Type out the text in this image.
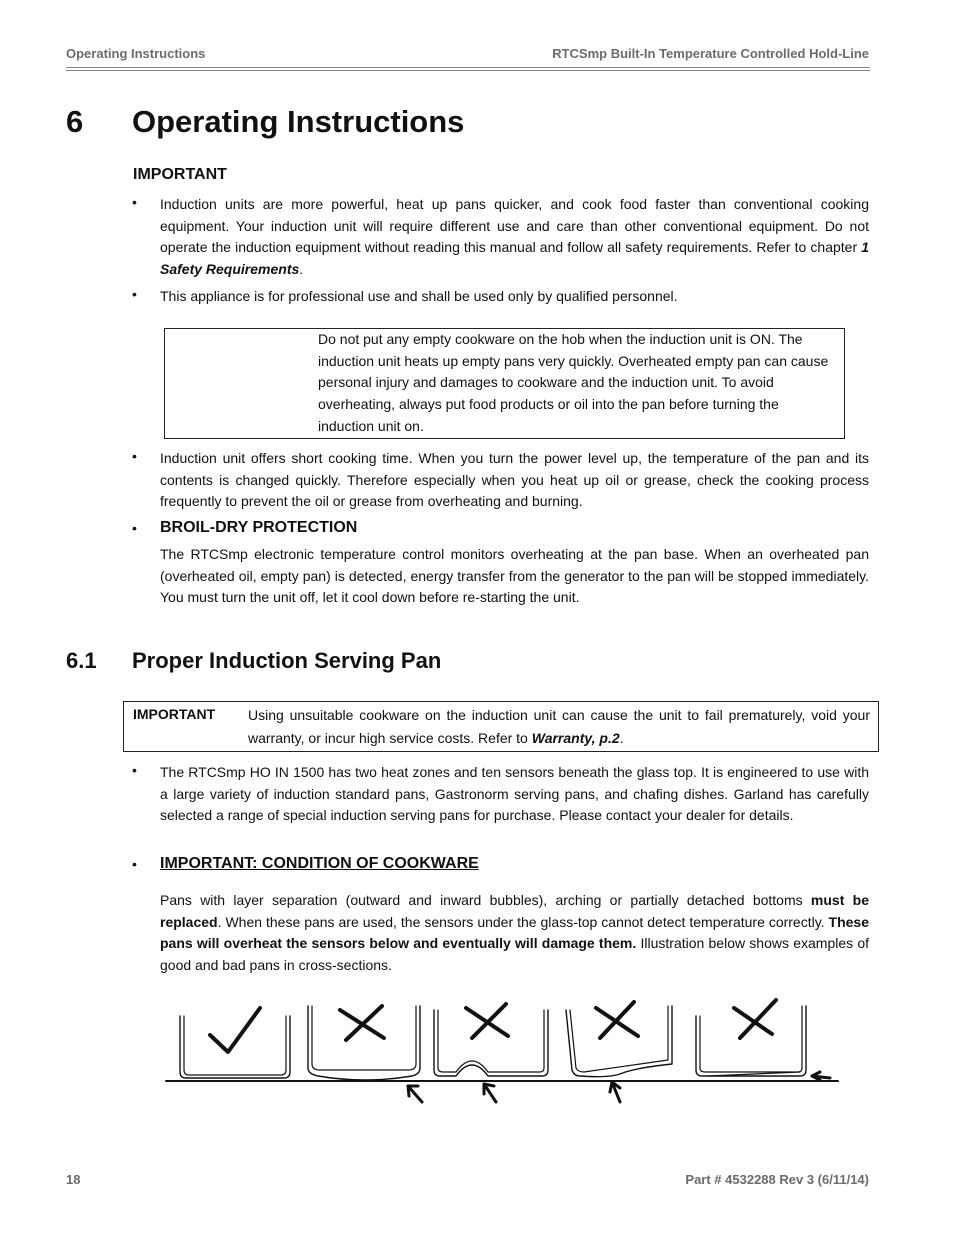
Operating Instructions	RTCSmp Built-In Temperature Controlled Hold-Line
6 Operating Instructions
IMPORTANT
• Induction units are more powerful, heat up pans quicker, and cook food faster than conventional cooking equipment. Your induction unit will require different use and care than other conventional equipment. Do not operate the induction equipment without reading this manual and follow all safety requirements. Refer to chapter 1 Safety Requirements.
• This appliance is for professional use and shall be used only by qualified personnel.
Do not put any empty cookware on the hob when the induction unit is ON. The induction unit heats up empty pans very quickly. Overheated empty pan can cause personal injury and damages to cookware and the induction unit. To avoid overheating, always put food products or oil into the pan before turning the induction unit on.
• Induction unit offers short cooking time. When you turn the power level up, the temperature of the pan and its contents is changed quickly. Therefore especially when you heat up oil or grease, check the cooking process frequently to prevent the oil or grease from overheating and burning.
• BROIL-DRY PROTECTION
The RTCSmp electronic temperature control monitors overheating at the pan base. When an overheated pan (overheated oil, empty pan) is detected, energy transfer from the generator to the pan will be stopped immediately. You must turn the unit off, let it cool down before re-starting the unit.
6.1 Proper Induction Serving Pan
IMPORTANT Using unsuitable cookware on the induction unit can cause the unit to fail prematurely, void your warranty, or incur high service costs. Refer to Warranty, p.2.
• The RTCSmp HO IN 1500 has two heat zones and ten sensors beneath the glass top. It is engineered to use with a large variety of induction standard pans, Gastronorm serving pans, and chafing dishes. Garland has carefully selected a range of special induction serving pans for purchase. Please contact your dealer for details.
• IMPORTANT: CONDITION OF COOKWARE
Pans with layer separation (outward and inward bubbles), arching or partially detached bottoms must be replaced. When these pans are used, the sensors under the glass-top cannot detect temperature correctly. These pans will overheat the sensors below and eventually will damage them. Illustration below shows examples of good and bad pans in cross-sections.
18	Part # 4532288 Rev 3 (6/11/14)
